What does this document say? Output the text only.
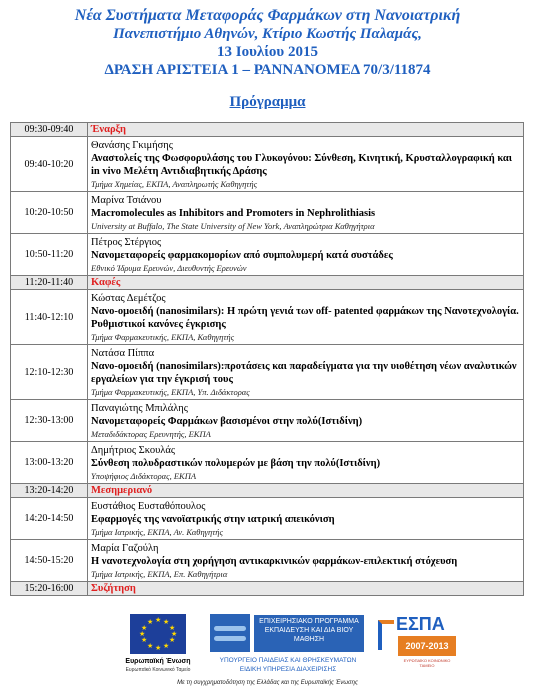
Νέα Συστήματα Μεταφοράς Φαρμάκων στη Νανοιατρική
Πανεπιστήμιο Αθηνών, Κτίριο Κωστής Παλαμάς,
13 Ιουλίου 2015
ΔΡΑΣΗ ΑΡΙΣΤΕΙΑ 1 – ΡΑΝΝΑΝΟΜΕΔ 70/3/11874
Πρόγραμμα
09:30-09:40	Έναρξη
09:40-10:20	Θανάσης Γκιμήσης
Αναστολείς της Φωσφορυλάσης του Γλυκογόνου: Σύνθεση, Κινητική, Κρυσταλλογραφική και in vivo Μελέτη Αντιδιαβητικής Δράσης
Τμήμα Χημείας, ΕΚΠΑ, Αναπληρωτής Καθηγητής

10:20-10:50	Μαρίνα Τσιάνου
Macromolecules as Inhibitors and Promoters in Nephrolithiasis
University at Buffalo, The State University of New York, Αναπληρώτρια Καθηγήτρια

10:50-11:20	Πέτρος Στέργιος
Νανομεταφορείς φαρμακομορίων από συμπολυμερή κατά συστάδες
Εθνικό Ίδρυμα Ερευνών, Διευθυντής Ερευνών

11:20-11:40	Καφές
11:40-12:10	Κώστας Δεμέτζος
Νανο-ομοειδή (nanosimilars): Η πρώτη γενιά των off- patented φαρμάκων της Νανοτεχνολογία. Ρυθμιστικοί κανόνες έγκρισης
Τμήμα Φαρμακευτικής, ΕΚΠΑ, Καθηγητής

12:10-12:30	Νατάσα Πίππα
Νανο-ομοειδή (nanosimilars):προτάσεις και παραδείγματα για την υιοθέτηση νέων αναλυτικών εργαλείων για την έγκρισή τους
Τμήμα Φαρμακευτικής, ΕΚΠΑ, Υπ. Διδάκτορας

12:30-13:00	Παναγιώτης Μπιλάλης
Νανομεταφορείς Φαρμάκων βασισμένοι στην πολύ(Ιστιδίνη)
Μεταδιδάκτορας Ερευνητής, ΕΚΠΑ

13:00-13:20	Δημήτριος Σκουλάς
Σύνθεση πολυδραστικών πολυμερών με βάση την πολύ(Ιστιδίνη)
Υποψήφιος Διδάκτορας, ΕΚΠΑ

13:20-14:20	Μεσημεριανό
14:20-14:50	Ευστάθιος Ευσταθόπουλος
Εφαρμογές της νανοϊατρικής στην ιατρική απεικόνιση
Τμήμα Ιατρικής, ΕΚΠΑ, Αν. Καθηγητής

14:50-15:20	Μαρία Γαζούλη
Η νανοτεχνολογία στη χορήγηση αντικαρκινικών φαρμάκων-επιλεκτική στόχευση
Τμήμα Ιατρικής, ΕΚΠΑ, Επ. Καθηγήτρια

15:20-16:00	Συζήτηση
★ ★
★
★
★
★
★
★
★
★
★
★
Ευρωπαϊκή Ένωση
Ευρωπαϊκό Κοινωνικό Ταμείο
ΕΠΙΧΕΙΡΗΣΙΑΚΟ ΠΡΟΓΡΑΜΜΑ ΕΚΠΑΙΔΕΥΣΗ ΚΑΙ ΔΙΑ ΒΙΟΥ ΜΑΘΗΣΗ
ΥΠΟΥΡΓΕΙΟ ΠΑΙΔΕΙΑΣ ΚΑΙ ΘΡΗΣΚΕΥΜΑΤΩΝ
ΕΙΔΙΚΗ ΥΠΗΡΕΣΙΑ ΔΙΑΧΕΙΡΙΣΗΣ
ΕΣΠΑ
2007-2013
ΕΥΡΩΠΑΪΚΟ ΚΟΙΝΩΝΙΚΟ ΤΑΜΕΙΟ
Με τη συγχρηματοδότηση της Ελλάδας και της Ευρωπαϊκής Ένωσης
